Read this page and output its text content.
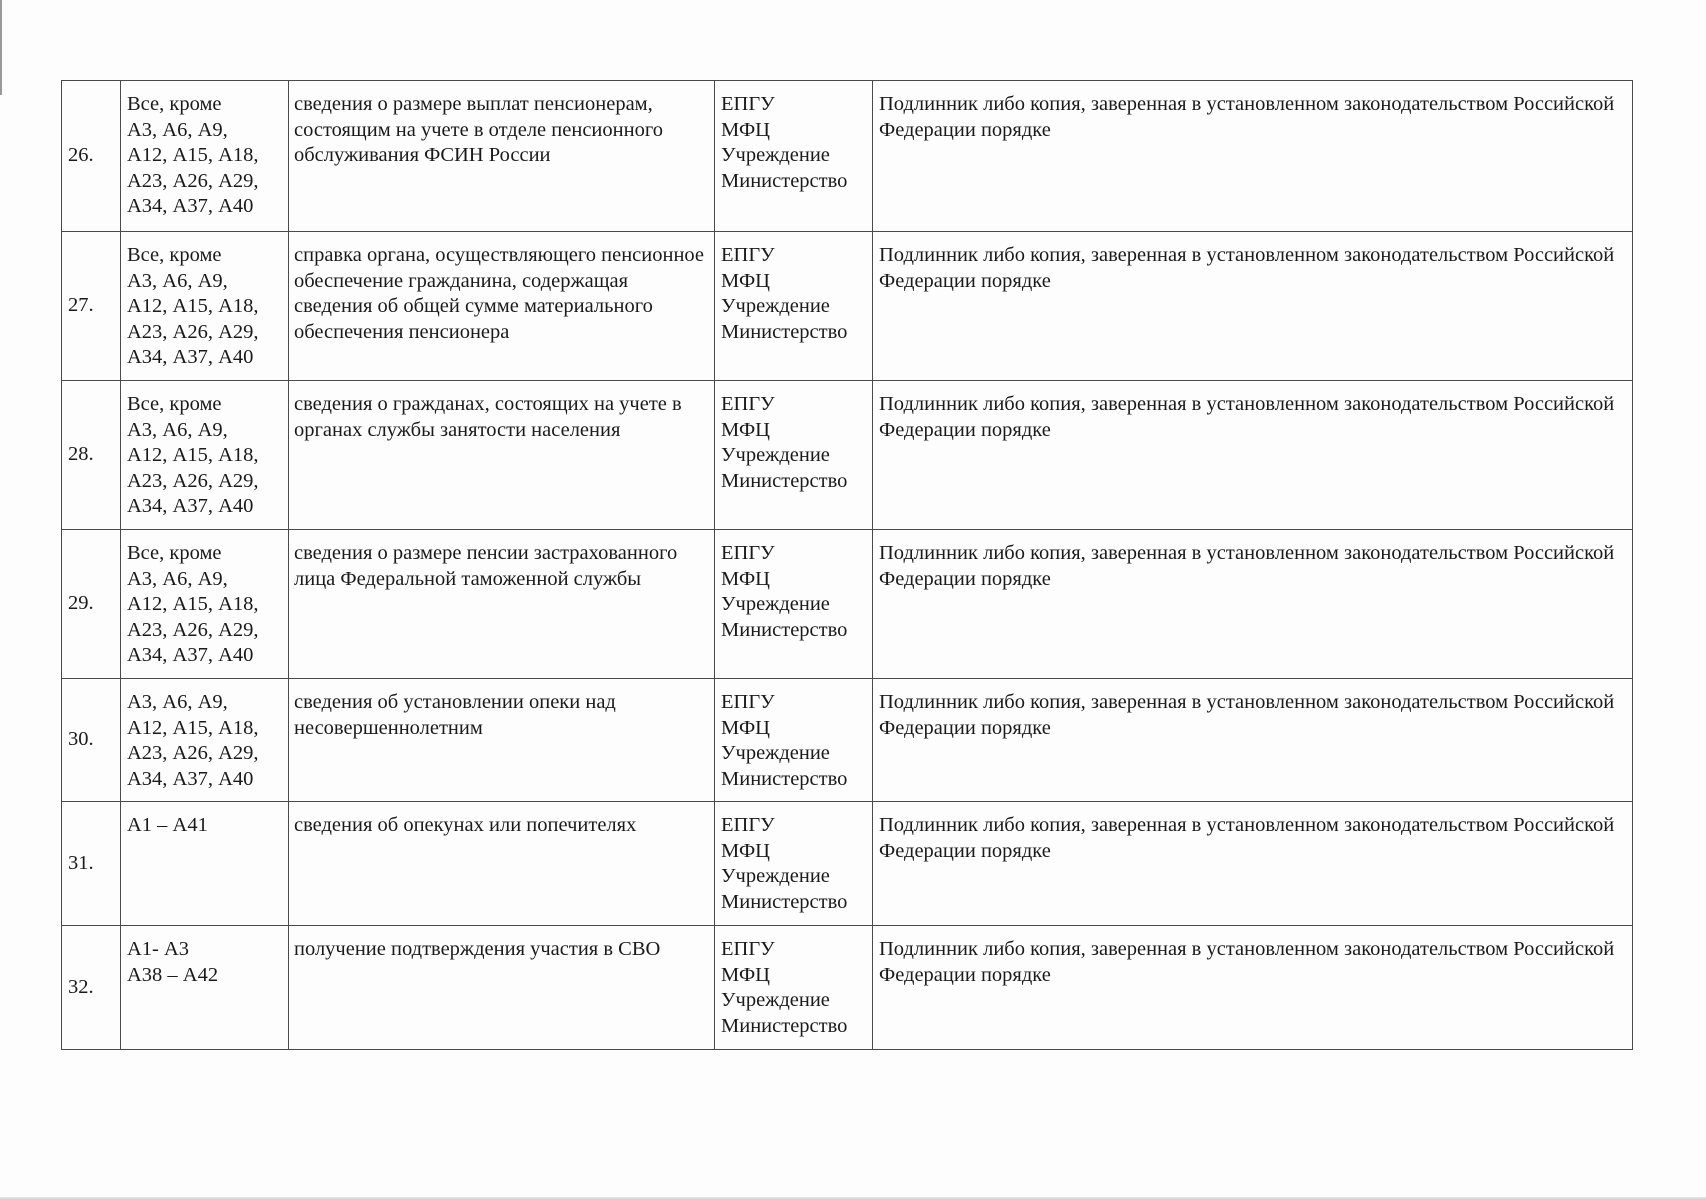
26.	Все, кроме
А3, А6, А9,
А12, А15, А18,
А23, А26, А29,
А34, А37, А40	сведения о размере выплат пенсионерам, состоящим на учете в отделе пенсионного обслуживания ФСИН России	ЕПГУ
МФЦ
Учреждение
Министерство	Подлинник либо копия, заверенная в установленном законодательством Российской Федерации порядке

27.	Все, кроме
А3, А6, А9,
А12, А15, А18,
А23, А26, А29,
А34, А37, А40	справка органа, осуществляющего пенсионное обеспечение гражданина, содержащая сведения об общей сумме материального обеспечения пенсионера	ЕПГУ
МФЦ
Учреждение
Министерство	Подлинник либо копия, заверенная в установленном законодательством Российской Федерации порядке

28.	Все, кроме
А3, А6, А9,
А12, А15, А18,
А23, А26, А29,
А34, А37, А40	сведения о гражданах, состоящих на учете в органах службы занятости населения	ЕПГУ
МФЦ
Учреждение
Министерство	Подлинник либо копия, заверенная в установленном законодательством Российской Федерации порядке

29.	Все, кроме
А3, А6, А9,
А12, А15, А18,
А23, А26, А29,
А34, А37, А40	сведения о размере пенсии застрахованного лица Федеральной таможенной службы	ЕПГУ
МФЦ
Учреждение
Министерство	Подлинник либо копия, заверенная в установленном законодательством Российской Федерации порядке

30.	А3, А6, А9,
А12, А15, А18,
А23, А26, А29,
А34, А37, А40	сведения об установлении опеки над несовершеннолетним	ЕПГУ
МФЦ
Учреждение
Министерство	Подлинник либо копия, заверенная в установленном законодательством Российской Федерации порядке

31.	А1 – А41	сведения об опекунах или попечителях	ЕПГУ
МФЦ
Учреждение
Министерство	Подлинник либо копия, заверенная в установленном законодательством Российской Федерации порядке

32.	А1- А3
А38 – А42	получение подтверждения участия в СВО	ЕПГУ
МФЦ
Учреждение
Министерство	Подлинник либо копия, заверенная в установленном законодательством Российской Федерации порядке
